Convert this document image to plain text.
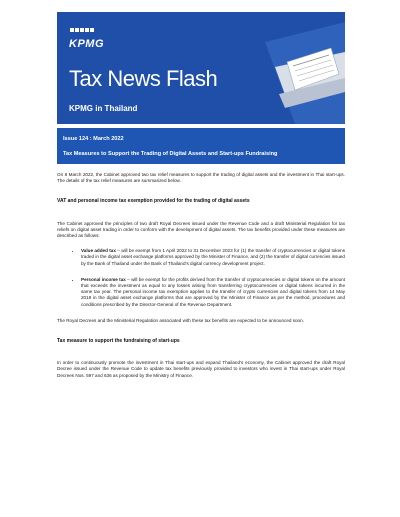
KPMG
Tax News Flash
KPMG in Thailand
Issue 124 : March 2022
Tax Measures to Support the Trading of Digital Assets and Start-ups Fundraising

On 8 March 2022, the Cabinet approved two tax relief measures to support the trading of digital assets and the investment in Thai start-ups. The details of the tax relief measures are summarized below.

VAT and personal income tax exemption provided for the trading of digital assets

The Cabinet approved the principles of two draft Royal Decrees issued under the Revenue Code and a draft Ministerial Regulation for tax reliefs on digital asset trading in order to conform with the development of digital assets. The tax benefits provided under these measures are described as follows:

• Value added tax – will be exempt from 1 April 2022 to 31 December 2023 for (1) the transfer of cryptocurrencies or digital tokens traded in the digital asset exchange platforms approved by the Minister of Finance, and (2) the transfer of digital currencies issued by the Bank of Thailand under the Bank of Thailand’s digital currency development project.
• Personal income tax – will be exempt for the profits derived from the transfer of cryptocurrencies or digital tokens on the amount that exceeds the investment as equal to any losses arising from transferring cryptocurrencies or digital tokens incurred in the same tax year. The personal income tax exemption applies to the transfer of crypto currencies and digital tokens from 14 May 2018 in the digital asset exchange platforms that are approved by the Minister of Finance as per the method, procedures and conditions prescribed by the Director-General of the Revenue Department.

The Royal Decrees and the Ministerial Regulation associated with these tax benefits are expected to be announced soon.

Tax measure to support the fundraising of start-ups

In order to continuously promote the investment in Thai start-ups and expand Thailand’s economy, the Cabinet approved the draft Royal Decree issued under the Revenue Code to update tax benefits previously provided to investors who invest in Thai start-ups under Royal Decrees Nos. 597 and 636 as proposed by the Ministry of Finance.
